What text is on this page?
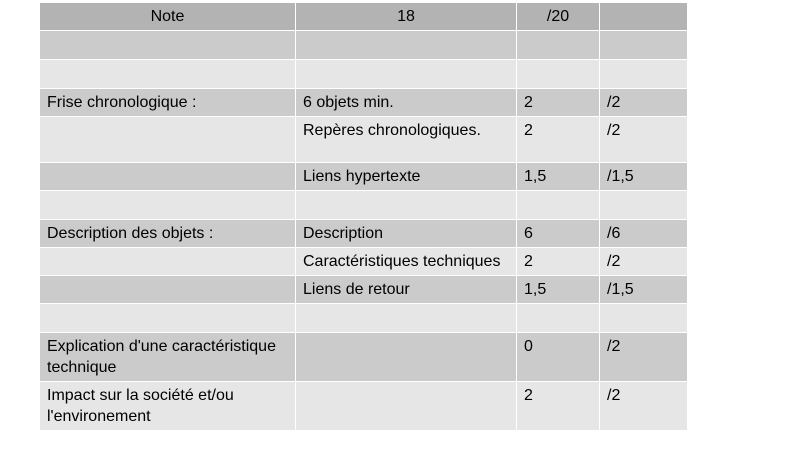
Note	18	/20	

Frise chronologique :	6 objets min.	2	/2
	Repères chronologiques.	2	/2
	Liens hypertexte	1,5	/1,5

Description des objets :	Description	6	/6
	Caractéristiques techniques	2	/2
	Liens de retour	1,5	/1,5

Explication d'une caractéristique technique		0	/2
Impact sur la société et/ou l'environement		2	/2
